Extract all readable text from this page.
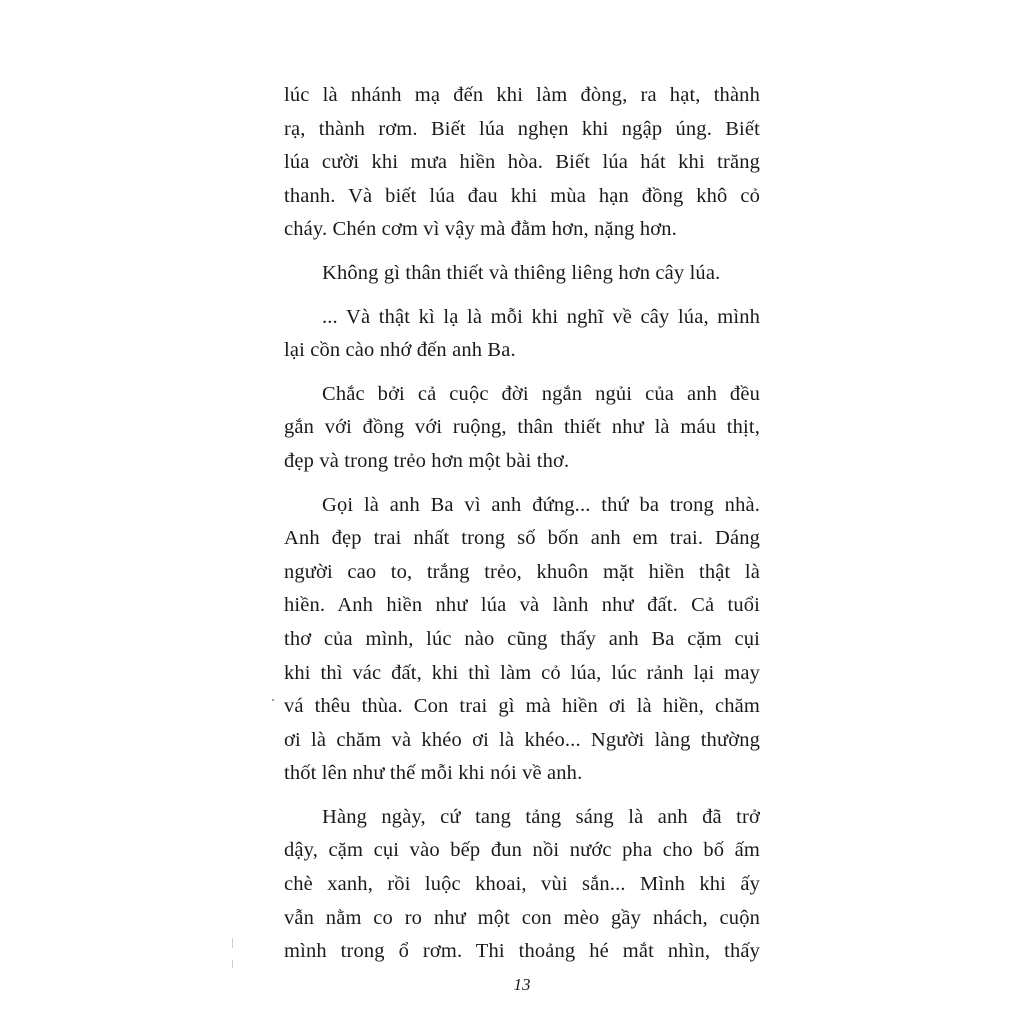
lúc là nhánh mạ đến khi làm đòng, ra hạt, thành
rạ, thành rơm. Biết lúa nghẹn khi ngập úng. Biết
lúa cười khi mưa hiền hòa. Biết lúa hát khi trăng
thanh. Và biết lúa đau khi mùa hạn đồng khô cỏ
cháy. Chén cơm vì vậy mà đằm hơn, nặng hơn.
Không gì thân thiết và thiêng liêng hơn cây lúa.
... Và thật kì lạ là mỗi khi nghĩ về cây lúa, mình
lại cồn cào nhớ đến anh Ba.
Chắc bởi cả cuộc đời ngắn ngủi của anh đều
gắn với đồng với ruộng, thân thiết như là máu thịt,
đẹp và trong trẻo hơn một bài thơ.
Gọi là anh Ba vì anh đứng... thứ ba trong nhà.
Anh đẹp trai nhất trong số bốn anh em trai. Dáng
người cao to, trắng trẻo, khuôn mặt hiền thật là
hiền. Anh hiền như lúa và lành như đất. Cả tuổi
thơ của mình, lúc nào cũng thấy anh Ba cặm cụi
khi thì vác đất, khi thì làm cỏ lúa, lúc rảnh lại may
vá thêu thùa. Con trai gì mà hiền ơi là hiền, chăm
ơi là chăm và khéo ơi là khéo... Người làng thường
thốt lên như thế mỗi khi nói về anh.
Hàng ngày, cứ tang tảng sáng là anh đã trở
dậy, cặm cụi vào bếp đun nồi nước pha cho bố ấm
chè xanh, rồi luộc khoai, vùi sắn... Mình khi ấy
vẫn nằm co ro như một con mèo gầy nhách, cuộn
mình trong ổ rơm. Thi thoảng hé mắt nhìn, thấy
13
